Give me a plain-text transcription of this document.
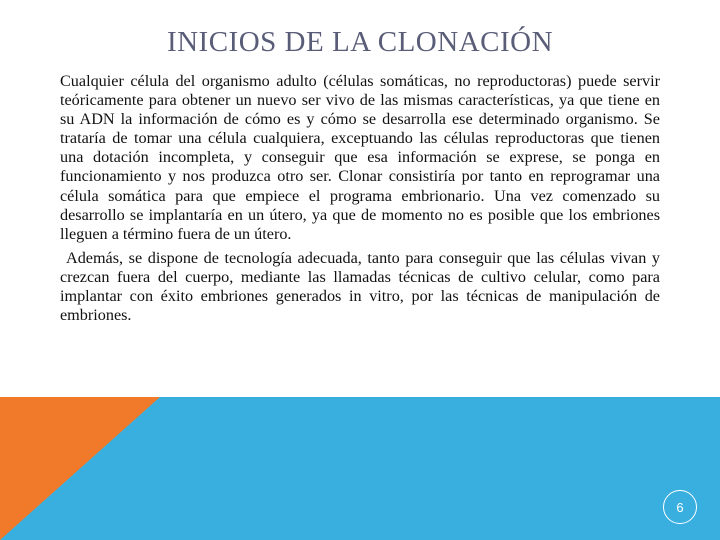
INICIOS DE LA CLONACIÓN

Cualquier célula del organismo adulto (células somáticas, no reproductoras) puede servir teóricamente para obtener un nuevo ser vivo de las mismas características, ya que tiene en su ADN la información de cómo es y cómo se desarrolla ese determinado organismo. Se trataría de tomar una célula cualquiera, exceptuando las células reproductoras que tienen una dotación incompleta, y conseguir que esa información se exprese, se ponga en funcionamiento y nos produzca otro ser. Clonar consistiría por tanto en reprogramar una célula somática para que empiece el programa embrionario. Una vez comenzado su desarrollo se implantaría en un útero, ya que de momento no es posible que los embriones lleguen a término fuera de un útero.

Además, se dispone de tecnología adecuada, tanto para conseguir que las células vivan y crezcan fuera del cuerpo, mediante las llamadas técnicas de cultivo celular, como para implantar con éxito embriones generados in vitro, por las técnicas de manipulación de embriones.

6
